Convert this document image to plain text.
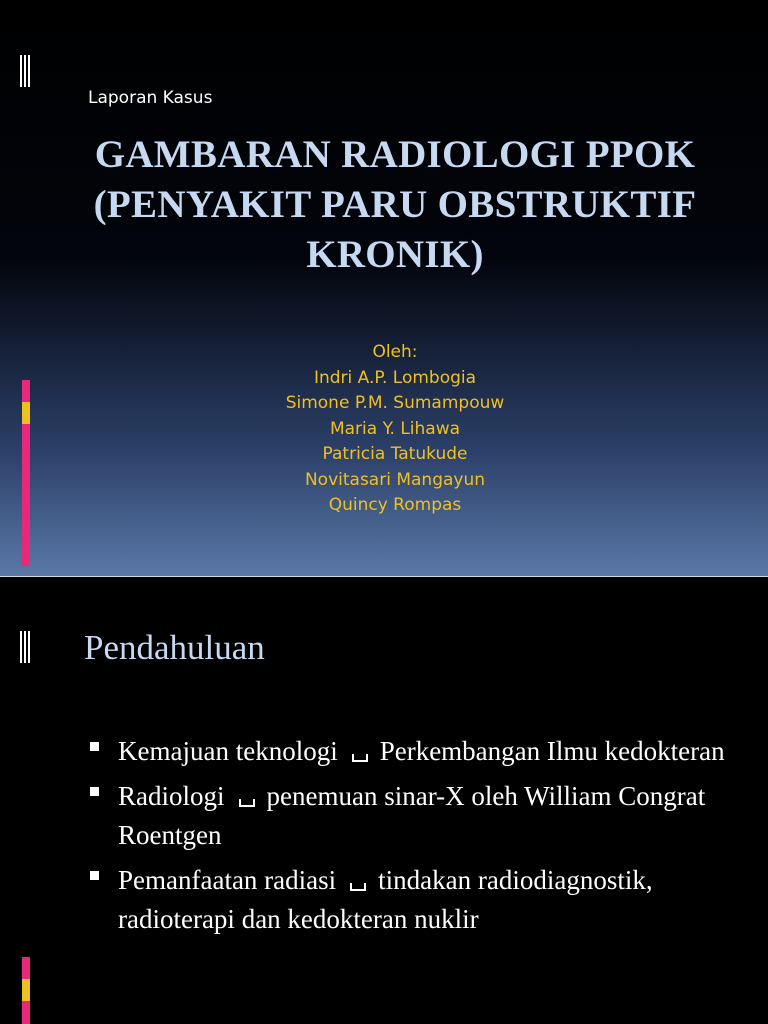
Laporan Kasus
GAMBARAN RADIOLOGI PPOK
(PENYAKIT PARU OBSTRUKTIF
KRONIK)
Oleh:
Indri A.P. Lombogia
Simone P.M. Sumampouw
Maria Y. Lihawa
Patricia Tatukude
Novitasari Mangayun
Quincy Rompas
Pendahuluan
Kemajuan teknologi Perkembangan Ilmu kedokteran
Radiologi penemuan sinar-X oleh William Congrat Roentgen
Pemanfaatan radiasi tindakan radiodiagnostik, radioterapi dan kedokteran nuklir
